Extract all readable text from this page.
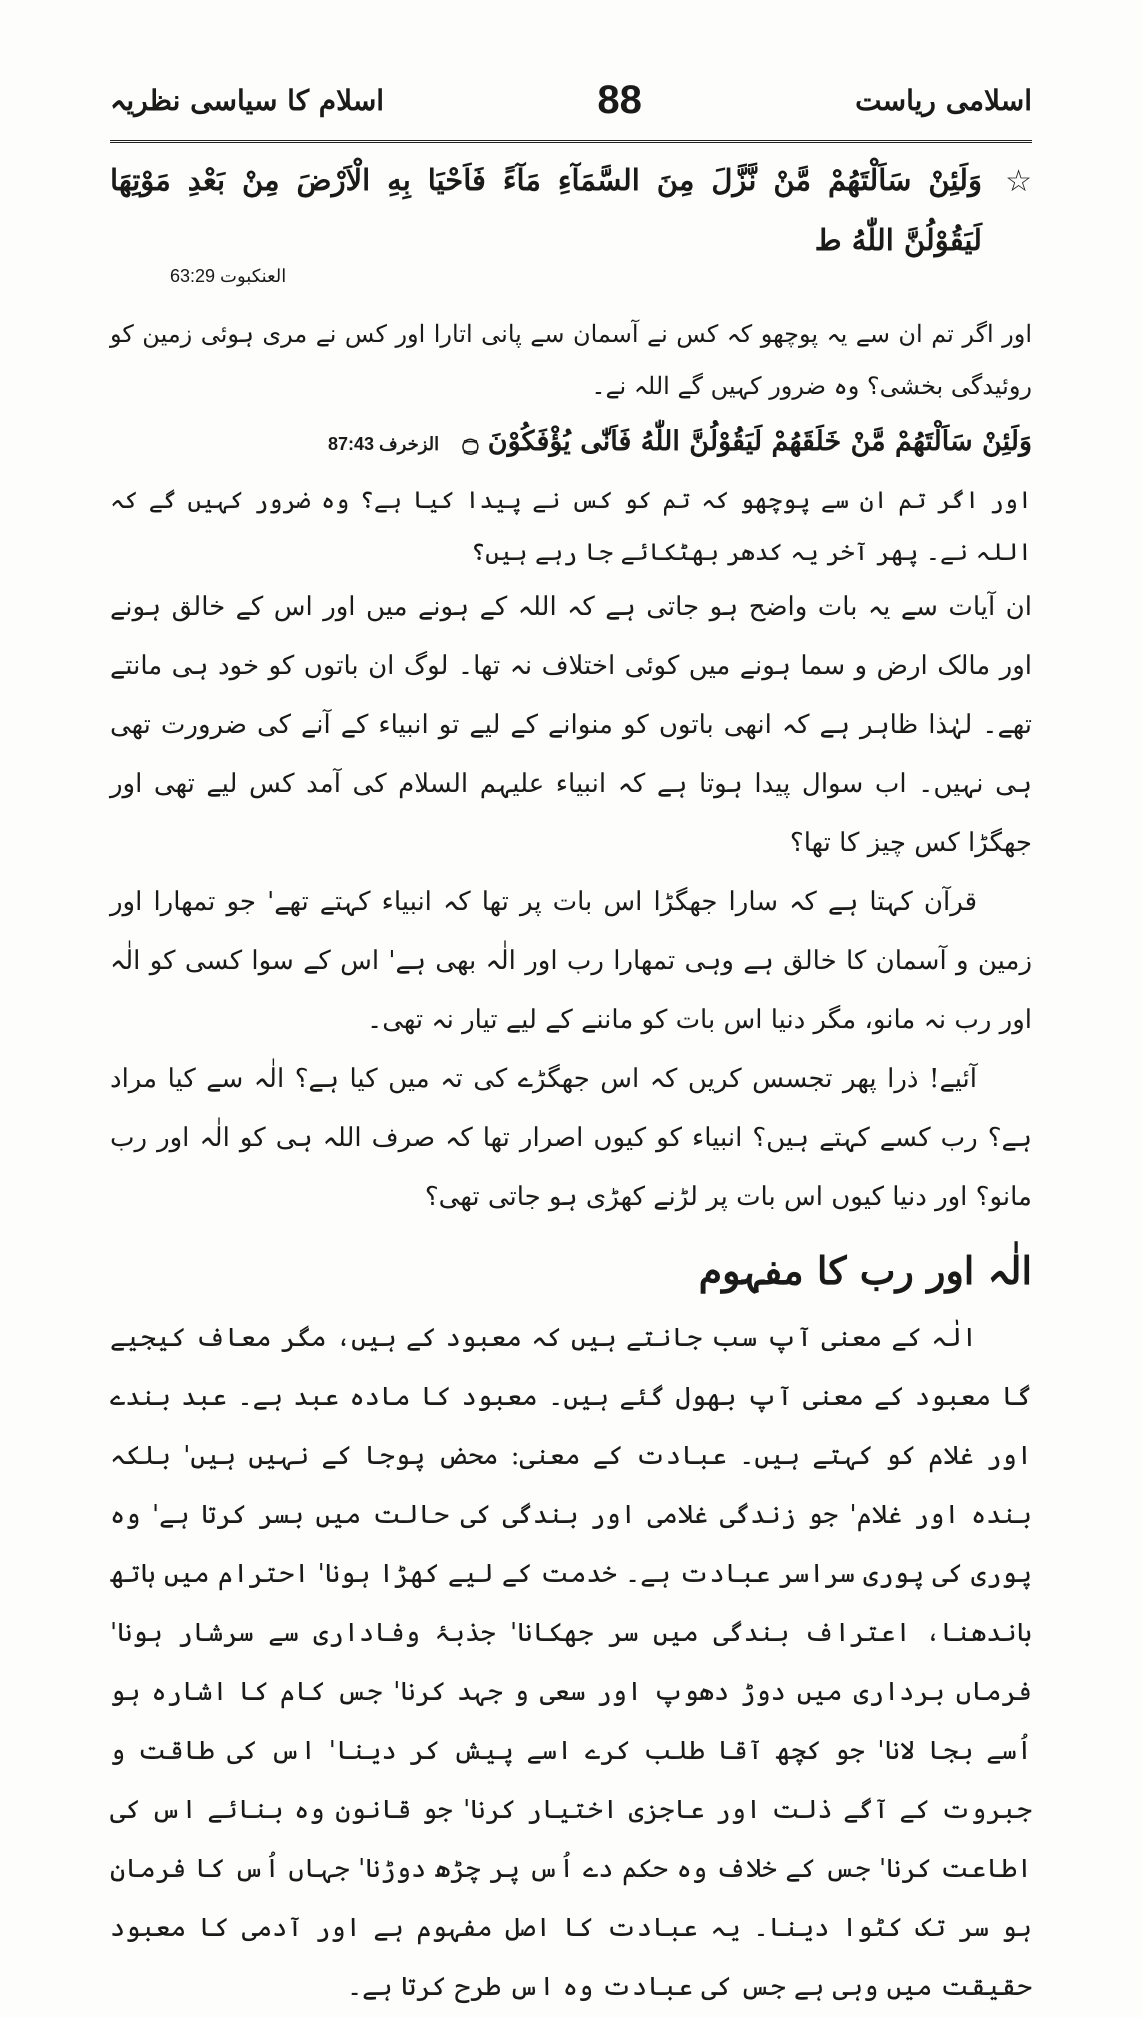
اسلامی ریاست
88
اسلام کا سیاسی نظریہ

☆
وَلَئِنْ سَاَلْتَهُمْ مَّنْ نَّزَّلَ مِنَ السَّمَآءِ مَآءً فَاَحْيَا بِهِ الْاَرْضَ مِنْ بَعْدِ مَوْتِهَا لَيَقُوْلُنَّ اللّٰهُ ط

العنکبوت 63:29

اور اگر تم ان سے یہ پوچھو کہ کس نے آسمان سے پانی اتارا اور کس نے مری ہوئی زمین کو روئیدگی بخشی؟ وہ ضرور کہیں گے اللہ نے۔

وَلَئِنْ سَاَلْتَهُمْ مَّنْ خَلَقَهُمْ لَيَقُوْلُنَّ اللّٰهُ فَاَنّٰى يُؤْفَكُوْنَ ۝ الزخرف 87:43

اور اگر تم ان سے پوچھو کہ تم کو کس نے پیدا کیا ہے؟ وہ ضرور کہیں گے کہ اللہ نے۔ پھر آخر یہ کدھر بھٹکائے جا رہے ہیں؟

ان آیات سے یہ بات واضح ہو جاتی ہے کہ اللہ کے ہونے میں اور اس کے خالق ہونے اور مالک ارض و سما ہونے میں کوئی اختلاف نہ تھا۔ لوگ ان باتوں کو خود ہی مانتے تھے۔ لہٰذا ظاہر ہے کہ انھی باتوں کو منوانے کے لیے تو انبیاء کے آنے کی ضرورت تھی ہی نہیں۔ اب سوال پیدا ہوتا ہے کہ انبیاء علیہم السلام کی آمد کس لیے تھی اور جھگڑا کس چیز کا تھا؟

قرآن کہتا ہے کہ سارا جھگڑا اس بات پر تھا کہ انبیاء کہتے تھے' جو تمھارا اور زمین و آسمان کا خالق ہے وہی تمھارا رب اور الٰہ بھی ہے' اس کے سوا کسی کو الٰہ اور رب نہ مانو، مگر دنیا اس بات کو ماننے کے لیے تیار نہ تھی۔

آئیے! ذرا پھر تجسس کریں کہ اس جھگڑے کی تہ میں کیا ہے؟ الٰہ سے کیا مراد ہے؟ رب کسے کہتے ہیں؟ انبیاء کو کیوں اصرار تھا کہ صرف اللہ ہی کو الٰہ اور رب مانو؟ اور دنیا کیوں اس بات پر لڑنے کھڑی ہو جاتی تھی؟

الٰہ اور رب کا مفہوم

الٰہ کے معنی آپ سب جانتے ہیں کہ معبود کے ہیں، مگر معاف کیجیے گا معبود کے معنی آپ بھول گئے ہیں۔ معبود کا مادہ عبد ہے۔ عبد بندے اور غلام کو کہتے ہیں۔ عبادت کے معنی: محض پوجا کے نہیں ہیں' بلکہ بندہ اور غلام' جو زندگی غلامی اور بندگی کی حالت میں بسر کرتا ہے' وہ پوری کی پوری سراسر عبادت ہے۔ خدمت کے لیے کھڑا ہونا' احترام میں ہاتھ باندھنا، اعتراف بندگی میں سر جھکانا' جذبۂ وفاداری سے سرشار ہونا' فرماں برداری میں دوڑ دھوپ اور سعی و جہد کرنا' جس کام کا اشارہ ہو اُسے بجا لانا' جو کچھ آقا طلب کرے اسے پیش کر دینا' اس کی طاقت و جبروت کے آگے ذلت اور عاجزی اختیار کرنا' جو قانون وہ بنائے اس کی اطاعت کرنا' جس کے خلاف وہ حکم دے اُس پر چڑھ دوڑنا' جہاں اُس کا فرمان ہو سر تک کٹوا دینا۔ یہ عبادت کا اصل مفہوم ہے اور آدمی کا معبود حقیقت میں وہی ہے جس کی عبادت وہ اس طرح کرتا ہے۔
